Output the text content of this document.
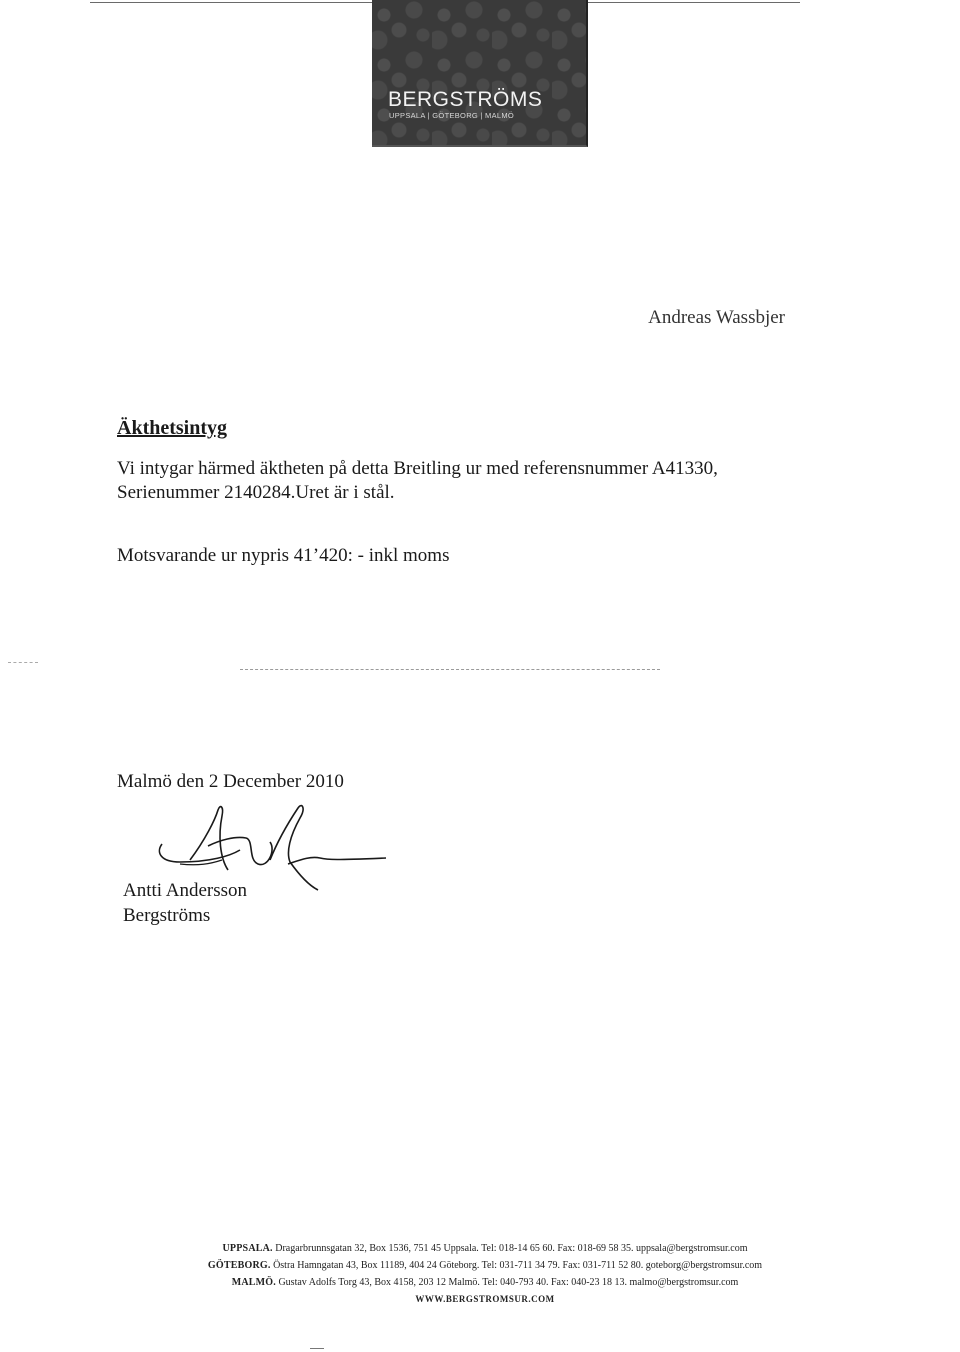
BERGSTRÖMS
UPPSALA | GÖTEBORG | MALMÖ
Andreas Wassbjer
Äkthetsintyg
Vi intygar härmed äktheten på detta Breitling ur med referensnummer A41330,
Serienummer 2140284.Uret är i stål.
Motsvarande ur nypris 41’420: - inkl moms
Malmö den 2 December 2010
Antti Andersson
Bergströms
UPPSALA. Dragarbrunnsgatan 32, Box 1536, 751 45 Uppsala. Tel: 018-14 65 60. Fax: 018-69 58 35. uppsala@bergstromsur.com
GÖTEBORG. Östra Hamngatan 43, Box 11189, 404 24 Göteborg. Tel: 031-711 34 79. Fax: 031-711 52 80. goteborg@bergstromsur.com
MALMÖ. Gustav Adolfs Torg 43, Box 4158, 203 12 Malmö. Tel: 040-793 40. Fax: 040-23 18 13. malmo@bergstromsur.com
WWW.BERGSTROMSUR.COM
